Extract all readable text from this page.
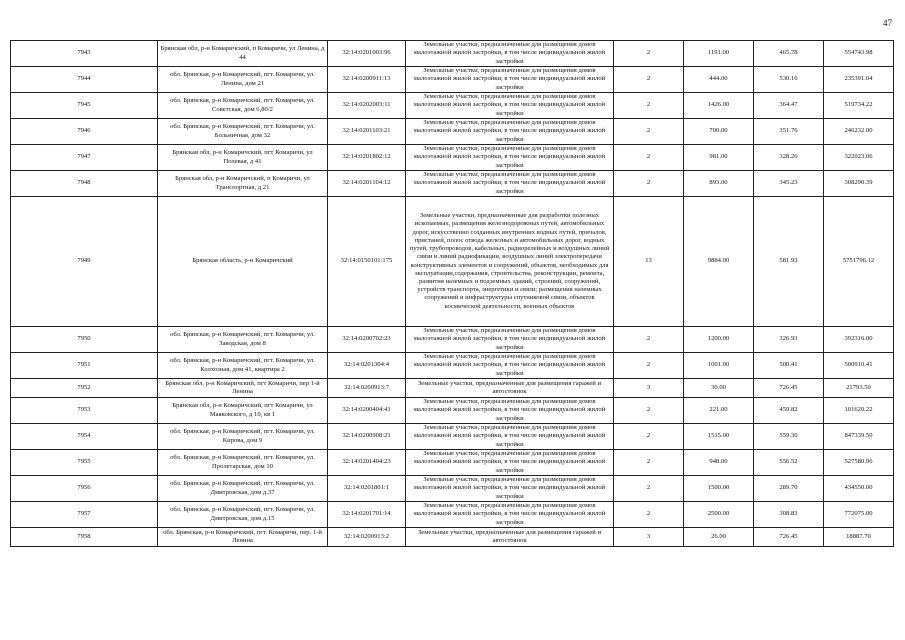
47
7943	Брянская обл, р-н Комаричский, п Комаричи, ул Ленина, д 44	32:14:0201003:96	Земельные участки, предназначенные для размещения домов малоэтажной жилой застройки, в том числе индивидуальной жилой застройки	2	1191.00	465.78	554743.98
7944	обл. Брянская, р-н Комаричский, пгт. Комаричи, ул. Ленина, дом 21	32:14:0200911:13	Земельные участки, предназначенные для размещения домов малоэтажной жилой застройки, в том числе индивидуальной жилой застройки	2	444.00	530.16	235391.04
7945	обл. Брянская, р-н Комаричский, пгт. Комаричи, ул. Советская, дом 6,80/2	32:14:0202003:11	Земельные участки, предназначенные для размещения домов малоэтажной жилой застройки, в том числе индивидуальной жилой застройки	2	1426.00	364.47	519734.22
7946	обл. Брянская, р-н Комаричский, пгт. Комаричи, ул. Больничная, дом 32	32:14:0201103:21	Земельные участки, предназначенные для размещения домов малоэтажной жилой застройки, в том числе индивидуальной жилой застройки	2	700.00	351.76	246232.00
7947	Брянская обл, р-н Комаричский, пгт Комаричи, ул Полевая, д 41	32:14:0201802:12	Земельные участки, предназначенные для размещения домов малоэтажной жилой застройки, в том числе индивидуальной жилой застройки	2	981.00	328.26	322023.06
7948	Брянская обл, р-н Комаричский, п Комаричи, ул Транспортная, д 21	32:14:0201104:12	Земельные участки, предназначенные для размещения домов малоэтажной жилой застройки, в том числе индивидуальной жилой застройки	2	893.00	345.23	308290.39
7949	Брянская область, р-н Комаричский	32:14:0150101:175	Земельные участки, предназначенные для разработки полезных ископаемых, размещения железнодорожных путей, автомобильных дорог, искусственно созданных внутренних водных путей, причалов, пристаней, полос отвода железных и автомобильных дорог, водных путей, трубопроводов, кабельных, радиорелейных и воздушных линий связи и линий радиофикации, воздушных линий электропередачи конструктивных элементов и сооружений, объектов, необходимых для эксплуатации,содержания, строительства, реконструкции, ремонта, развития наземных и подземных зданий, строений, сооружений, устройств транспорта, энергетики и связи; размещения наземных сооружений и инфраструктуры спутниковой связи, объектов космической деятельности, военных объектов	13	9884.00	581.93	5751796.12
7950	обл. Брянская, р-н Комаричский, пгт. Комаричи, ул. Заводская, дом 8	32:14:0200702:23	Земельные участки, предназначенные для размещения домов малоэтажной жилой застройки, в том числе индивидуальной жилой застройки	2	1200.00	326.93	392316.00
7951	обл. Брянская, р-н Комаричский, пгт. Комаричи, ул. Колхозная, дом 41, квартира 2	32:14:0201304:4	Земельные участки, предназначенные для размещения домов малоэтажной жилой застройки, в том числе индивидуальной жилой застройки	2	1001.00	500.41	500910.41
7952	Брянская обл, р-н Комаричский, пгт Комаричи, пер 1-й Ленина	32:14:0200913:7	Земельные участки, предназначенные для размещения гаражей и автостоянок	3	30.00	726.45	21793.50
7953	Брянская обл, р-н Комаричский, пгт Комаричи, ул Маяковского, д 10, кв 1	32:14:0200404:41	Земельные участки, предназначенные для размещения домов малоэтажной жилой застройки, в том числе индивидуальной жилой застройки	2	221.00	459.82	101620.22
7954	обл. Брянская, р-н Комаричский, пгт. Комаричи, ул. Кирова, дом 9	32:14:0200908:21	Земельные участки, предназначенные для размещения домов малоэтажной жилой застройки, в том числе индивидуальной жилой застройки	2	1515.00	559.30	847339.50
7955	обл. Брянская, р-н Комаричский, пгт. Комаричи, ул. Пролетарская, дом 10	32:14:0201404:23	Земельные участки, предназначенные для размещения домов малоэтажной жилой застройки, в том числе индивидуальной жилой застройки	2	948.00	556.52	527580.96
7956	обл. Брянская, р-н Комаричский, пгт. Комаричи, ул. Дмитровская, дом д.37	32:14:0201801:1	Земельные участки, предназначенные для размещения домов малоэтажной жилой застройки, в том числе индивидуальной жилой застройки	2	1500.00	289.70	434550.00
7957	обл. Брянская, р-н Комаричский, пгт. Комаричи, ул. Дмитровская, дом д.15	32:14:0201701:14	Земельные участки, предназначенные для размещения домов малоэтажной жилой застройки, в том числе индивидуальной жилой застройки	2	2500.00	308.83	772075.00
7958	обл. Брянская, р-н Комаричский, пгт. Комаричи, пер. 1-й Ленина	32:14:0200913:2	Земельные участки, предназначенные для размещения гаражей и автостоянок	3	26.00	726.45	18887.70
